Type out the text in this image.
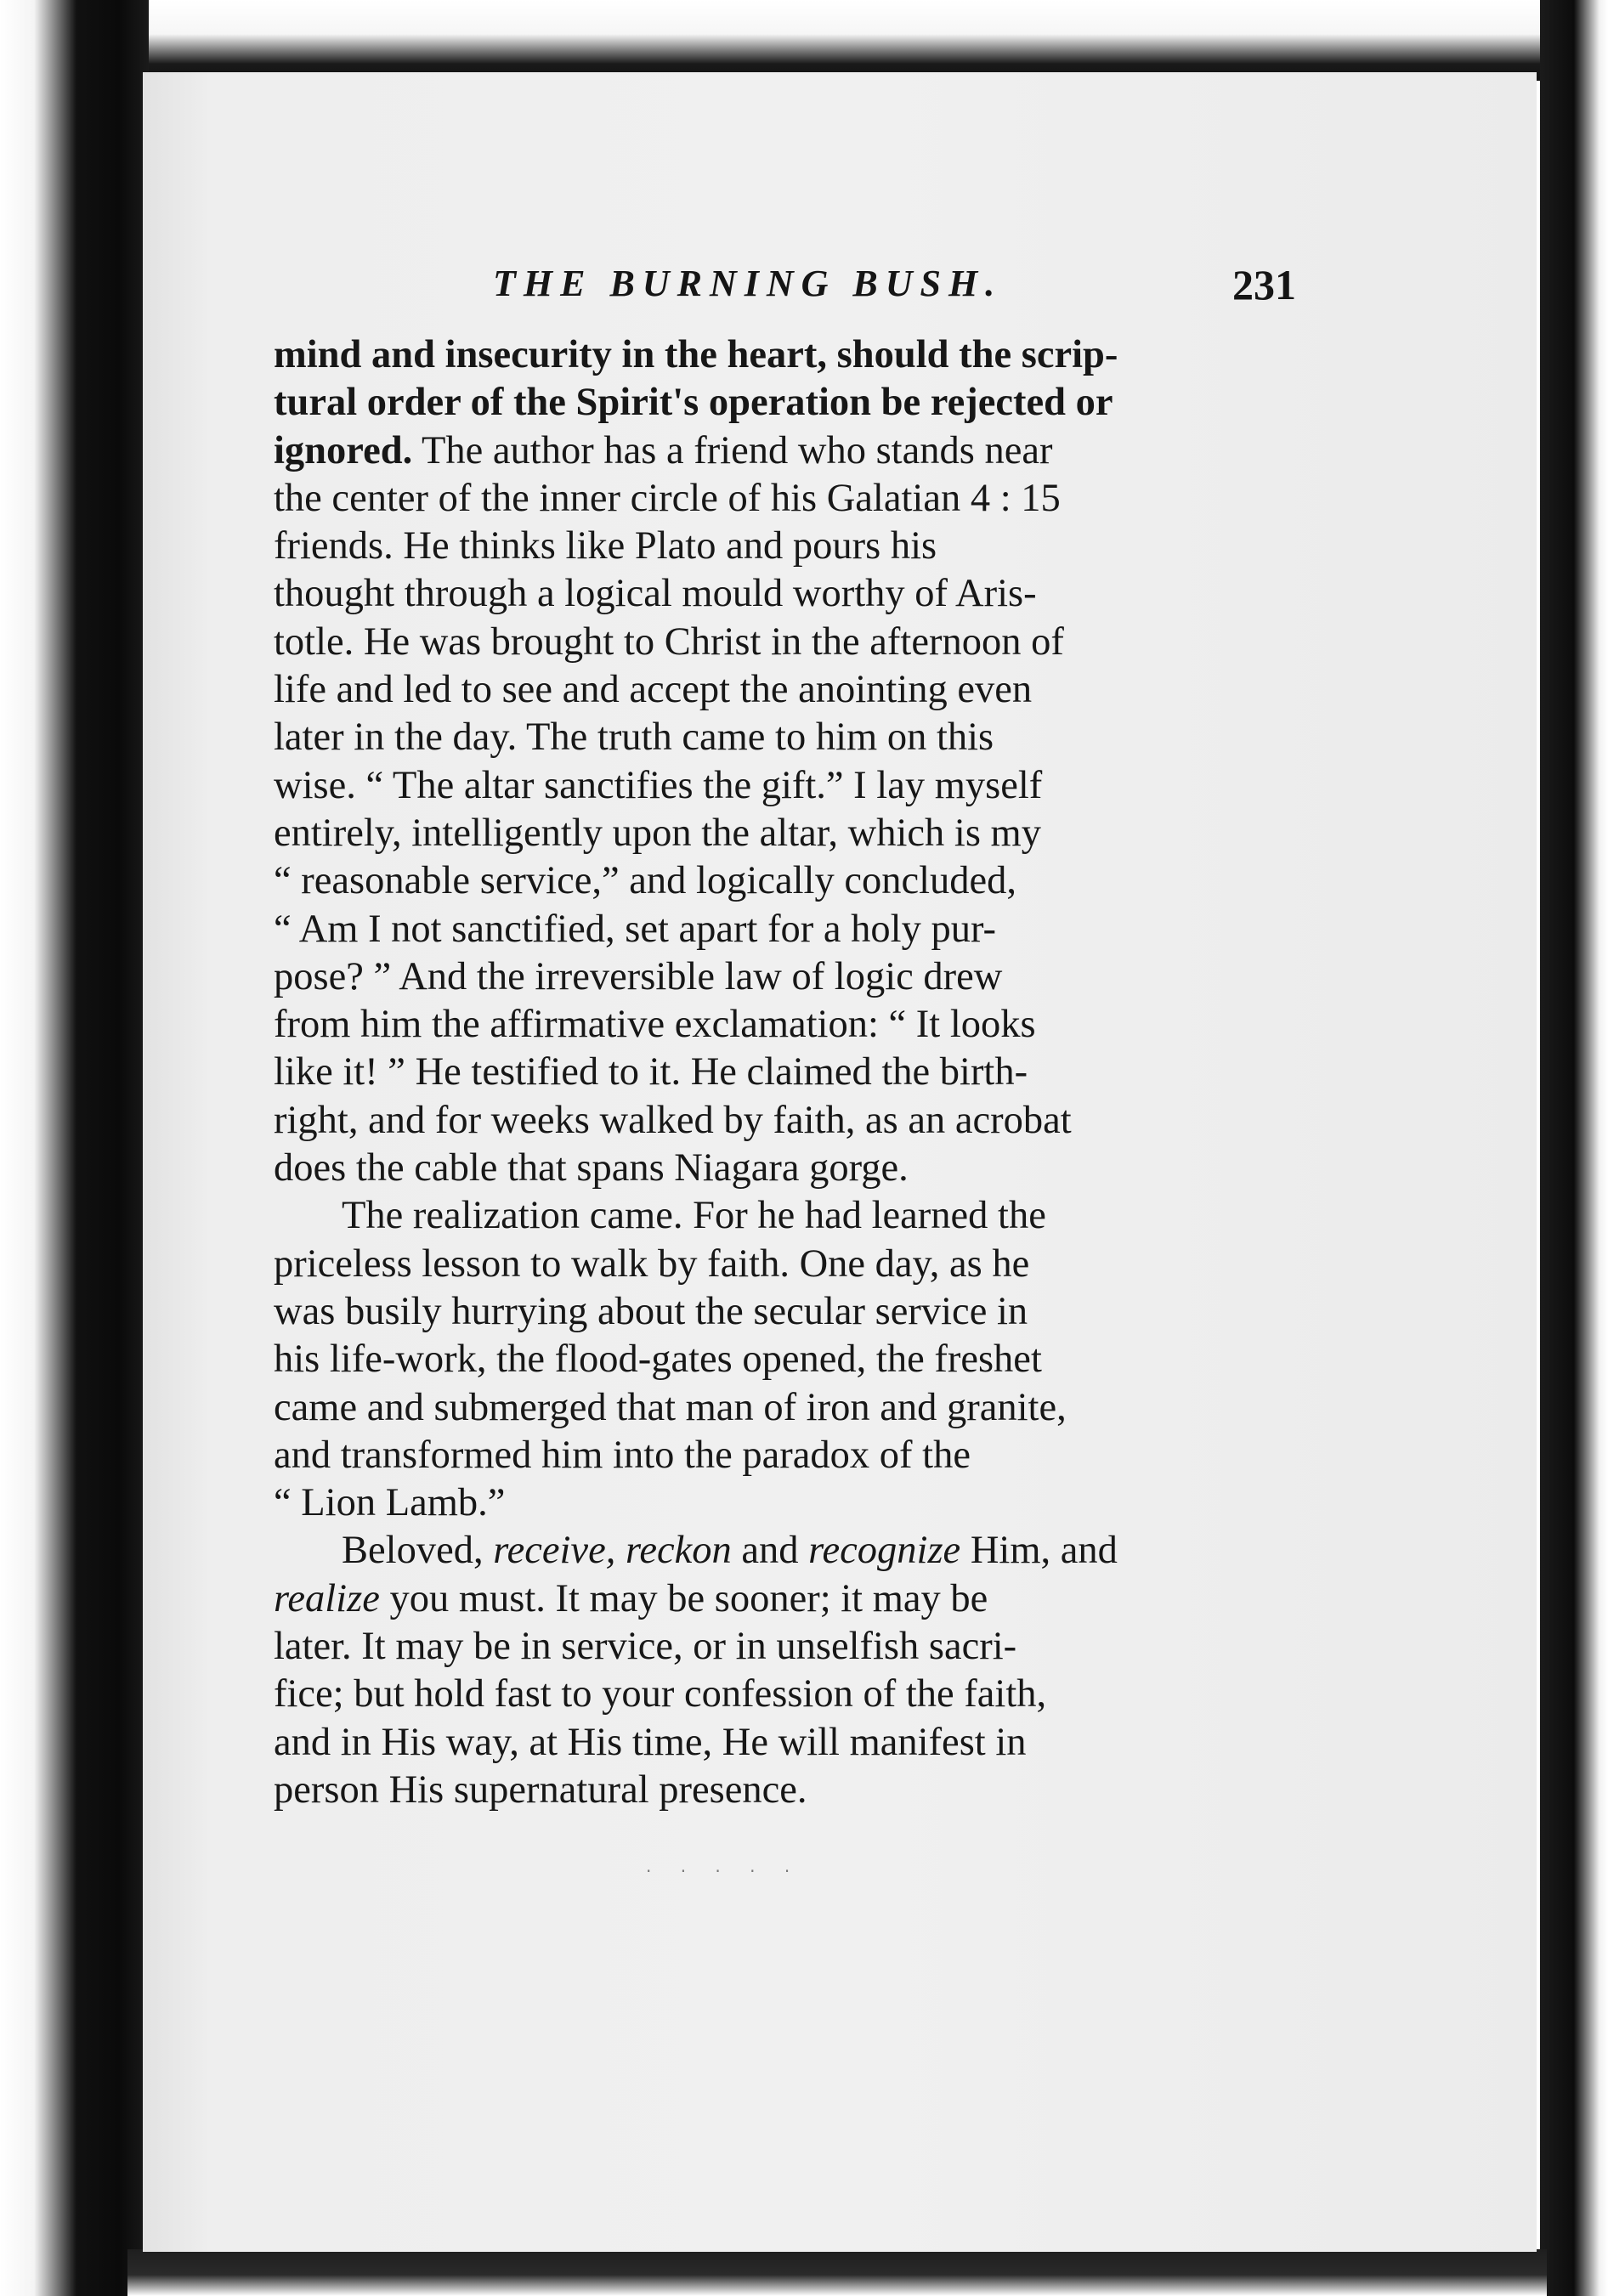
THE BURNING BUSH.	231

mind and insecurity in the heart, should the scrip-
tural order of the Spirit's operation be rejected or
ignored. The author has a friend who stands near
the center of the inner circle of his Galatian 4 : 15
friends. He thinks like Plato and pours his
thought through a logical mould worthy of Aris-
totle. He was brought to Christ in the afternoon of
life and led to see and accept the anointing even
later in the day. The truth came to him on this
wise. “ The altar sanctifies the gift.” I lay myself
entirely, intelligently upon the altar, which is my
“ reasonable service,” and logically concluded,
“ Am I not sanctified, set apart for a holy pur-
pose? ” And the irreversible law of logic drew
from him the affirmative exclamation: “ It looks
like it! ” He testified to it. He claimed the birth-
right, and for weeks walked by faith, as an acrobat
does the cable that spans Niagara gorge.

The realization came. For he had learned the
priceless lesson to walk by faith. One day, as he
was busily hurrying about the secular service in
his life-work, the flood-gates opened, the freshet
came and submerged that man of iron and granite,
and transformed him into the paradox of the
“ Lion Lamb.”

Beloved, receive, reckon and recognize Him, and
realize you must. It may be sooner; it may be
later. It may be in service, or in unselfish sacri-
fice; but hold fast to your confession of the faith,
and in His way, at His time, He will manifest in
person His supernatural presence.

· · · · ·
